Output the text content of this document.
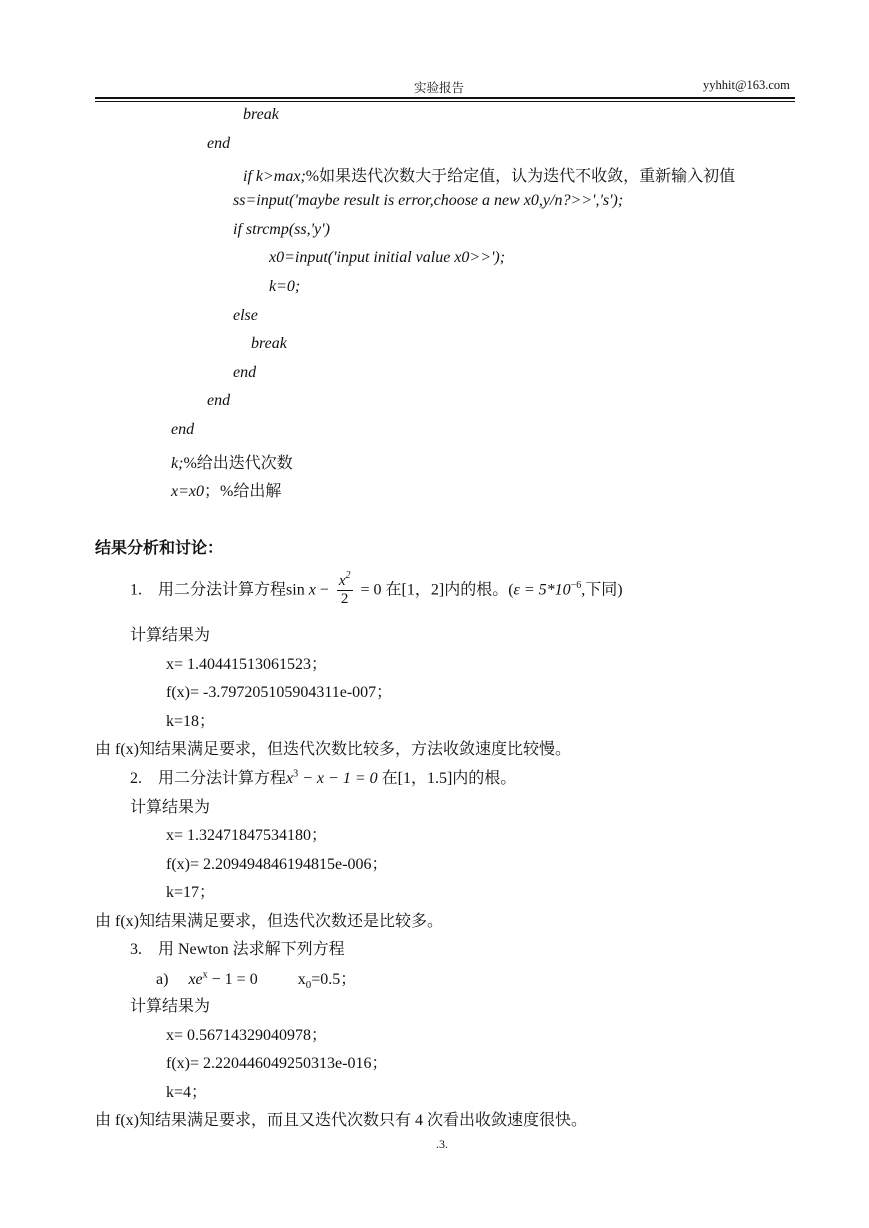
实验报告	yyhhit@163.com
break
end
if k>max;%如果迭代次数大于给定值，认为迭代不收敛，重新输入初值
ss=input('maybe result is error,choose a new x0,y/n?>>','s');
if strcmp(ss,'y')
x0=input('input initial value x0>>');
k=0;
else
break
end
end
end
k;%给出迭代次数
x=x0；%给出解
结果分析和讨论：
1. 用二分法计算方程$\sin x - \frac{x^2}{2} = 0$ 在[1，2]内的根。($\varepsilon = 5*10^{-6}$,下同)
计算结果为
x= 1.40441513061523；
f(x)= -3.797205105904311e-007；
k=18；
由 f(x)知结果满足要求，但迭代次数比较多，方法收敛速度比较慢。
2. 用二分法计算方程$x^3 - x - 1 = 0$ 在[1，1.5]内的根。
计算结果为
x= 1.32471847534180；
f(x)= 2.209494846194815e-006；
k=17；
由 f(x)知结果满足要求，但迭代次数还是比较多。
3. 用 Newton 法求解下列方程
a) $xe^x - 1 = 0$	$x_0=0.5$；
计算结果为
x= 0.56714329040978；
f(x)= 2.220446049250313e-016；
k=4；
由 f(x)知结果满足要求，而且又迭代次数只有 4 次看出收敛速度很快。
.3.
